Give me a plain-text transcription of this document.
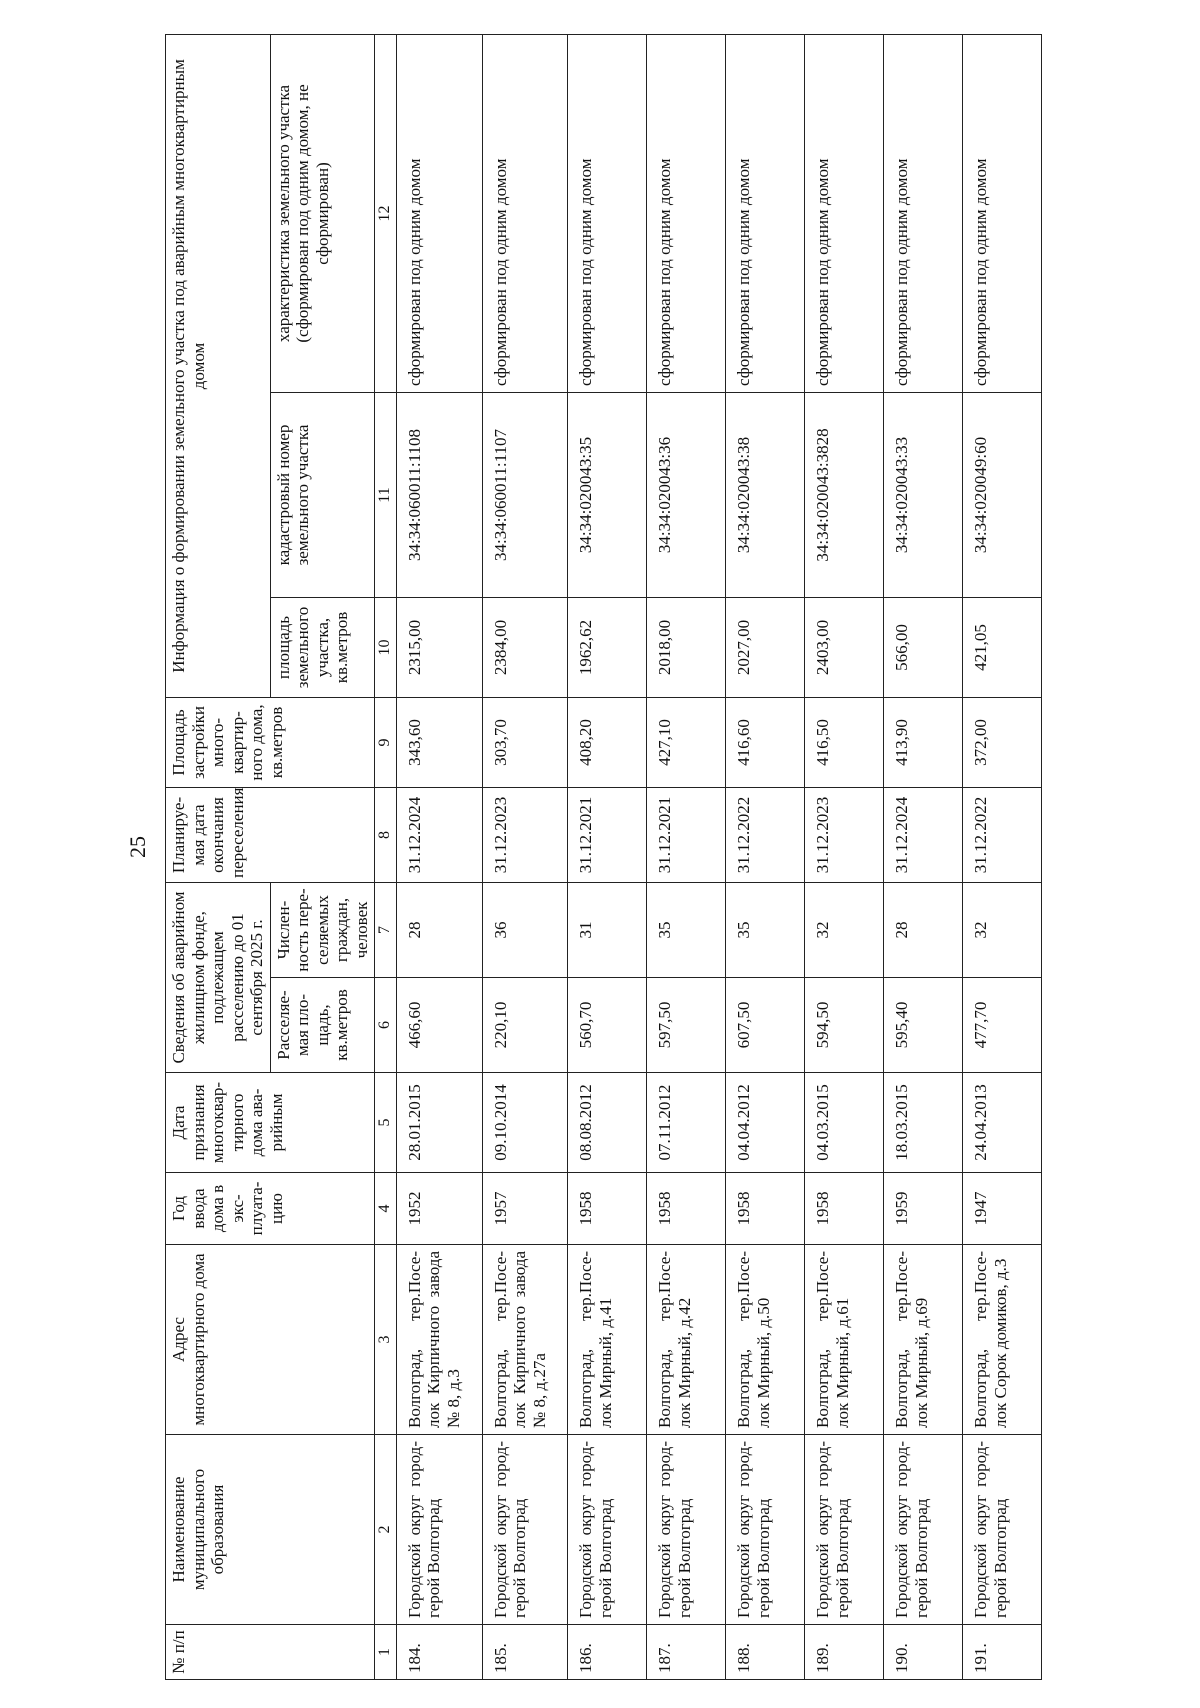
25
№ п/п	Наименование муниципального образования	Адрес многоквартирного дома	Год ввода дома в экс-плуата-цию	Дата признания многоквар-тирного дома ава-рийным	Сведения об аварийном жилищном фонде, подлежащем расселению до 01 сентября 2025 г.		Планируе-мая дата окончания переселения	Площадь застройки много-квартир-ного дома, кв.метров	Информация о формировании земельного участка под аварийным многоквартирным домом		
					Расселяе-мая пло-щадь, кв.метров	Числен-ность пере-селяемых граждан, человек			площадь земельного участка, кв.метров	кадастровый номер земельного участка	характеристика земельного участка (сформирован под одним домом, не сформирован)
1	2	3	4	5	6	7	8	9	10	11	12
184.	Городской округ город-герой Волгоград	Волгоград, тер.Посе-лок Кирпичного завода № 8, д.3	1952	28.01.2015	466,60	28	31.12.2024	343,60	2315,00	34:34:060011:1108	сформирован под одним домом
185.	Городской округ город-герой Волгоград	Волгоград, тер.Посе-лок Кирпичного завода № 8, д.27а	1957	09.10.2014	220,10	36	31.12.2023	303,70	2384,00	34:34:060011:1107	сформирован под одним домом
186.	Городской округ город-герой Волгоград	Волгоград, тер.Посе-лок Мирный, д.41	1958	08.08.2012	560,70	31	31.12.2021	408,20	1962,62	34:34:020043:35	сформирован под одним домом
187.	Городской округ город-герой Волгоград	Волгоград, тер.Посе-лок Мирный, д.42	1958	07.11.2012	597,50	35	31.12.2021	427,10	2018,00	34:34:020043:36	сформирован под одним домом
188.	Городской округ город-герой Волгоград	Волгоград, тер.Посе-лок Мирный, д.50	1958	04.04.2012	607,50	35	31.12.2022	416,60	2027,00	34:34:020043:38	сформирован под одним домом
189.	Городской округ город-герой Волгоград	Волгоград, тер.Посе-лок Мирный, д.61	1958	04.03.2015	594,50	32	31.12.2023	416,50	2403,00	34:34:020043:3828	сформирован под одним домом
190.	Городской округ город-герой Волгоград	Волгоград, тер.Посе-лок Мирный, д.69	1959	18.03.2015	595,40	28	31.12.2024	413,90	566,00	34:34:020043:33	сформирован под одним домом
191.	Городской округ город-герой Волгоград	Волгоград, тер.Посе-лок Сорок домиков, д.3	1947	24.04.2013	477,70	32	31.12.2022	372,00	421,05	34:34:020049:60	сформирован под одним домом
